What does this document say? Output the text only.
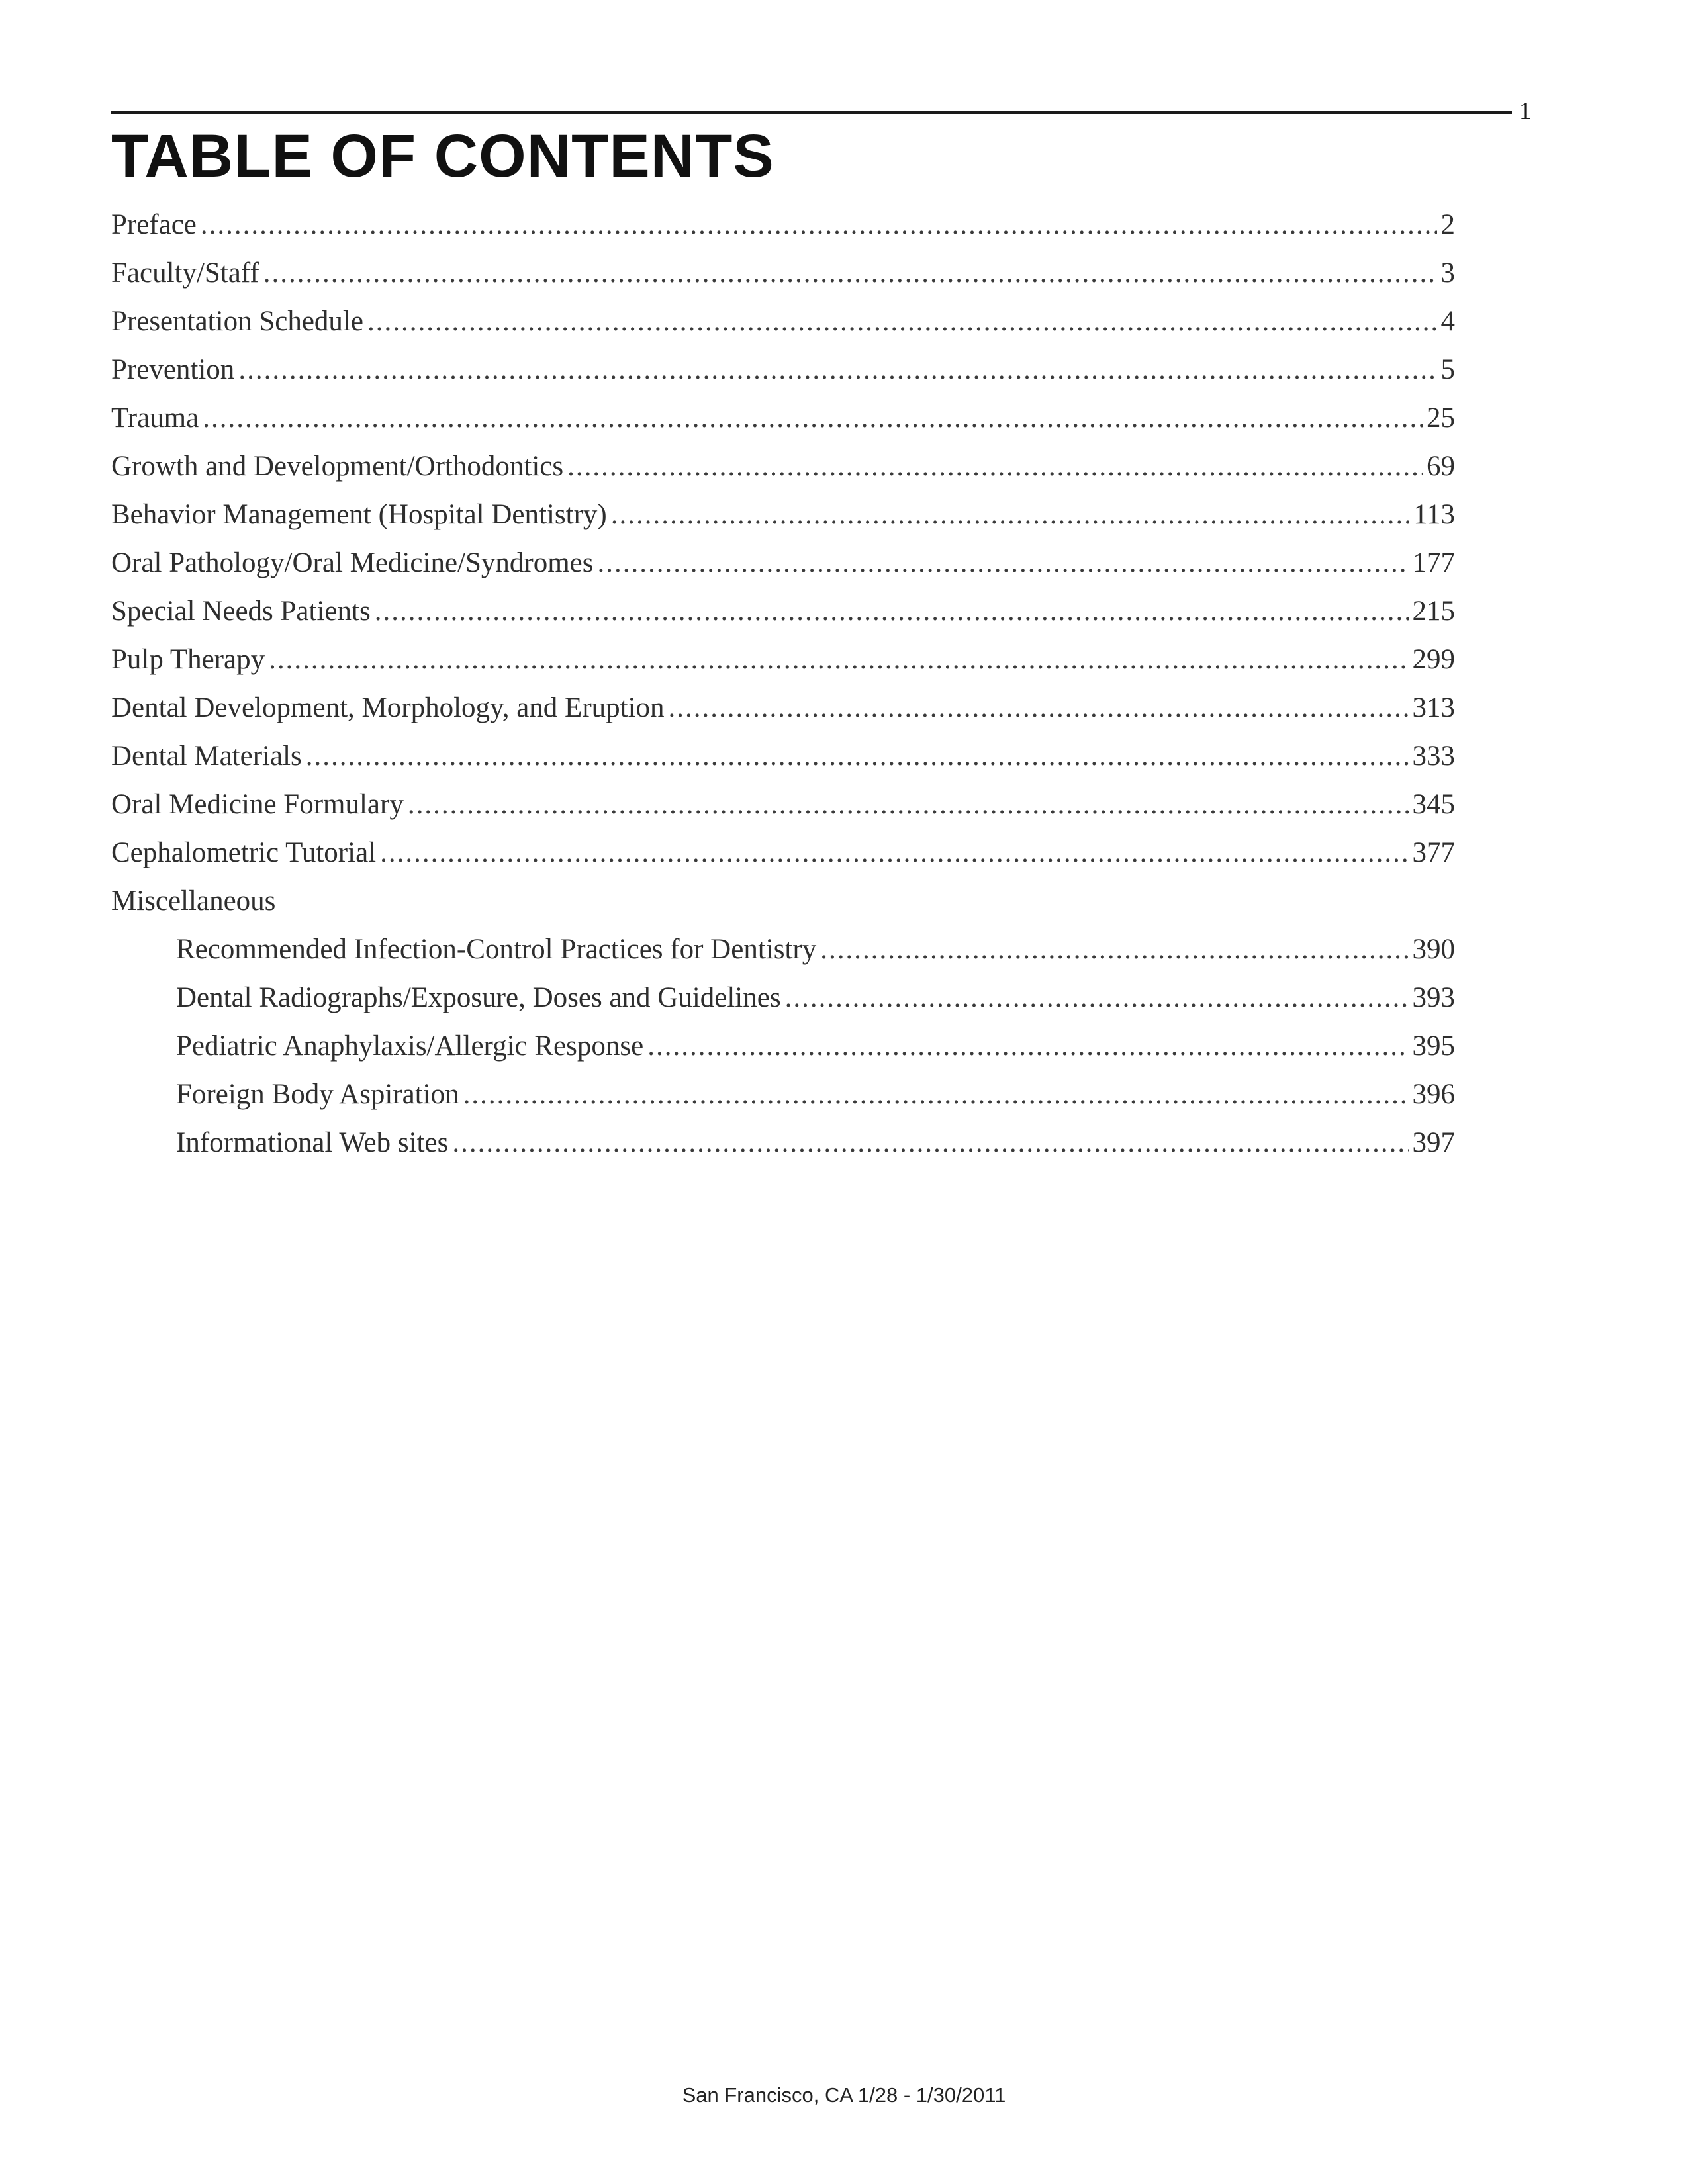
1
TABLE OF CONTENTS
Preface .....	2
Faculty/Staff .....	3
Presentation Schedule .....	4
Prevention .....	5
Trauma .....	25
Growth and Development/Orthodontics .....	69
Behavior Management (Hospital Dentistry) .....	113
Oral Pathology/Oral Medicine/Syndromes .....	177
Special Needs Patients .....	215
Pulp Therapy .....	299
Dental Development, Morphology, and Eruption .....	313
Dental Materials .....	333
Oral Medicine Formulary .....	345
Cephalometric Tutorial .....	377
Miscellaneous
Recommended Infection-Control Practices for Dentistry .....	390
Dental Radiographs/Exposure, Doses and Guidelines .....	393
Pediatric Anaphylaxis/Allergic Response .....	395
Foreign Body Aspiration .....	396
Informational Web sites .....	397
San Francisco, CA 1/28 - 1/30/2011
